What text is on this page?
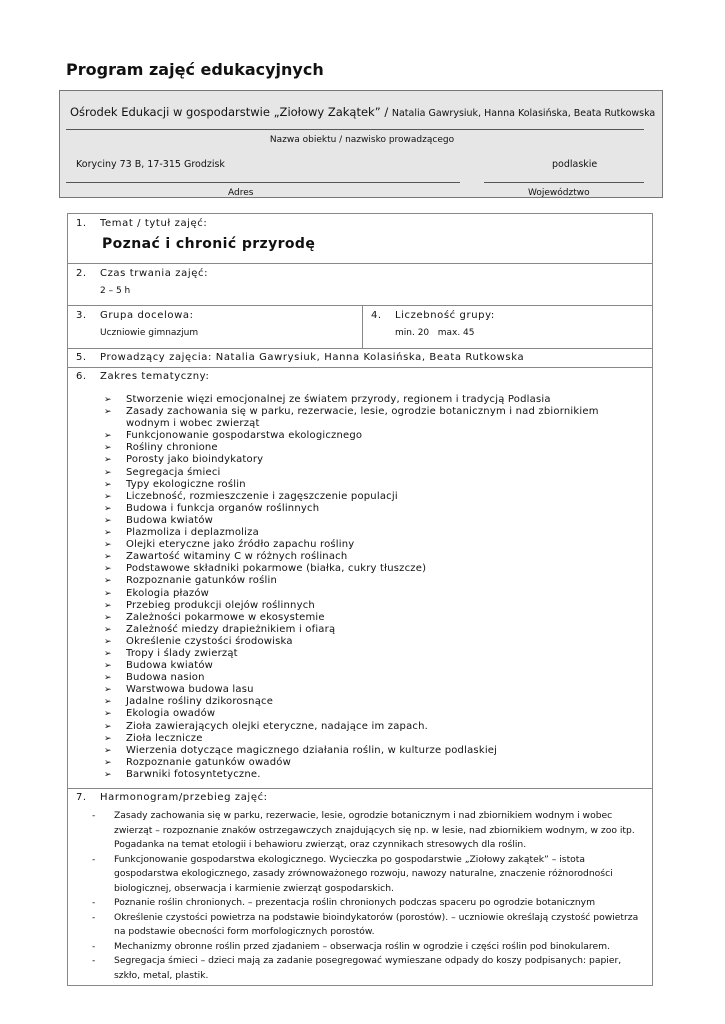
Program zajęć edukacyjnych
Ośrodek Edukacji w gospodarstwie „Ziołowy Zakątek” / Natalia Gawrysiuk, Hanna Kolasińska, Beata Rutkowska
Nazwa obiektu / nazwisko prowadzącego
Koryciny 73 B, 17-315 Grodzisk	podlaskie
Adres	Województwo
1. Temat / tytuł zajęć:
Poznać i chronić przyrodę
2. Czas trwania zajęć:
2 – 5 h
3. Grupa docelowa:
Uczniowie gimnazjum
4. Liczebność grupy:
min. 20   max. 45
5. Prowadzący zajęcia: Natalia Gawrysiuk, Hanna Kolasińska, Beata Rutkowska
6. Zakres tematyczny:
➢ Stworzenie więzi emocjonalnej ze światem przyrody, regionem i tradycją Podlasia
➢ Zasady zachowania się w parku, rezerwacie, lesie, ogrodzie botanicznym i nad zbiornikiem wodnym i wobec zwierząt
➢ Funkcjonowanie gospodarstwa ekologicznego
➢ Rośliny chronione
➢ Porosty jako bioindykatory
➢ Segregacja śmieci
➢ Typy ekologiczne roślin
➢ Liczebność, rozmieszczenie i zagęszczenie populacji
➢ Budowa i funkcja organów roślinnych
➢ Budowa kwiatów
➢ Plazmoliza i deplazmoliza
➢ Olejki eteryczne jako źródło zapachu rośliny
➢ Zawartość witaminy C w różnych roślinach
➢ Podstawowe składniki pokarmowe (białka, cukry tłuszcze)
➢ Rozpoznanie gatunków roślin
➢ Ekologia płazów
➢ Przebieg produkcji olejów roślinnych
➢ Zależności pokarmowe w ekosystemie
➢ Zależność miedzy drapieżnikiem i ofiarą
➢ Określenie czystości środowiska
➢ Tropy i ślady zwierząt
➢ Budowa kwiatów
➢ Budowa nasion
➢ Warstwowa budowa lasu
➢ Jadalne rośliny dzikorosnące
➢ Ekologia owadów
➢ Zioła zawierających olejki eteryczne, nadające im zapach.
➢ Zioła lecznicze
➢ Wierzenia dotyczące magicznego działania roślin, w kulturze podlaskiej
➢ Rozpoznanie gatunków owadów
➢ Barwniki fotosyntetyczne.
7. Harmonogram/przebieg zajęć:
- Zasady zachowania się w parku, rezerwacie, lesie, ogrodzie botanicznym i nad zbiornikiem wodnym i wobec zwierząt – rozpoznanie znaków ostrzegawczych znajdujących się np. w lesie, nad zbiornikiem wodnym, w zoo itp. Pogadanka na temat etologii i behawioru zwierząt, oraz czynnikach stresowych dla roślin.
- Funkcjonowanie gospodarstwa ekologicznego. Wycieczka po gospodarstwie „Ziołowy zakątek” – istota gospodarstwa ekologicznego, zasady zrównoważonego rozwoju, nawozy naturalne, znaczenie różnorodności biologicznej, obserwacja i karmienie zwierząt gospodarskich.
- Poznanie roślin chronionych. – prezentacja roślin chronionych podczas spaceru po ogrodzie botanicznym
- Określenie czystości powietrza na podstawie bioindykatorów (porostów). – uczniowie określają czystość powietrza na podstawie obecności form morfologicznych porostów.
- Mechanizmy obronne roślin przed zjadaniem – obserwacja roślin w ogrodzie i części roślin pod binokularem.
- Segregacja śmieci – dzieci mają za zadanie posegregować wymieszane odpady do koszy podpisanych: papier, szkło, metal, plastik.
